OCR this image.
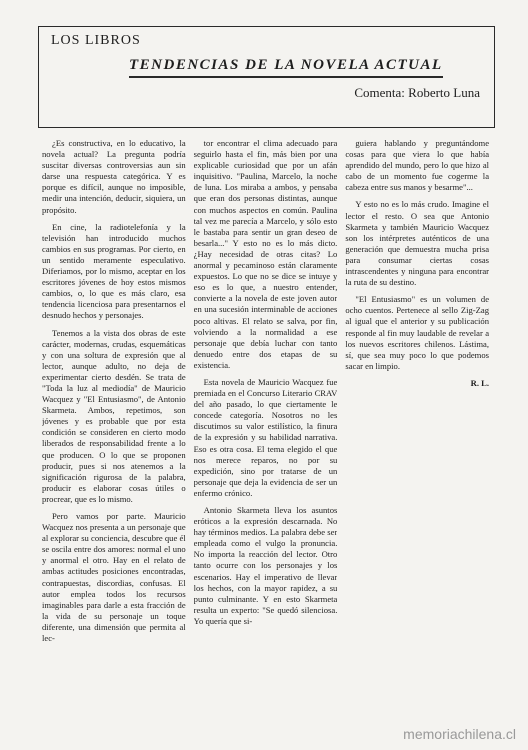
LOS LIBROS
TENDENCIAS DE LA NOVELA ACTUAL
Comenta: Roberto Luna

¿Es constructiva, en lo educativo, la novela actual? La pregunta podría suscitar diversas controversias aun sin darse una respuesta categórica. Y es porque es difícil, aunque no imposible, medir una intención, deducir, siquiera, un propósito.

En cine, la radiotelefonía y la televisión han introducido muchos cambios en sus programas. Por cierto, en un sentido meramente especulativo. Diferiamos, por lo mismo, aceptar en los escritores jóvenes de hoy estos mismos cambios, o, lo que es más claro, esa tendencia licenciosa para presentarnos el desnudo hechos y personajes.

Tenemos a la vista dos obras de este carácter, modernas, crudas, esquemáticas y con una soltura de expresión que al lector, aunque adulto, no deja de experimentar cierto desdén. Se trata de "Toda la luz al mediodía" de Mauricio Wacquez y "El Entusiasmo", de Antonio Skarmeta. Ambos, repetimos, son jóvenes y es probable que por esta condición se consideren en cierto modo liberados de responsabilidad frente a lo que producen. O lo que se proponen producir, pues si nos atenemos a la significación rigurosa de la palabra, producir es elaborar cosas útiles o procrear, que es lo mismo.

Pero vamos por parte. Mauricio Wacquez nos presenta a un personaje que al explorar su conciencia, descubre que él se oscila entre dos amores: normal el uno y anormal el otro. Hay en el relato de ambas actitudes posiciones encontradas, contrapuestas, discordias, confusas. El autor emplea todos los recursos imaginables para darle a esta fracción de la vida de su personaje un toque diferente, una dimensión que permita al lec-

tor encontrar el clima adecuado para seguirlo hasta el fin, más bien por una explicable curiosidad que por un afán inquisitivo. "Paulina, Marcelo, la noche de luna. Los miraba a ambos, y pensaba que eran dos personas distintas, aunque con muchos aspectos en común. Paulina tal vez me parecía a Marcelo, y sólo esto le bastaba para sentir un gran deseo de besarla..." Y esto no es lo más dicto. ¿Hay necesidad de otras citas? Lo anormal y pecaminoso están claramente expuestos. Lo que no se dice se intuye y eso es lo que, a nuestro entender, convierte a la novela de este joven autor en una sucesión interminable de acciones poco altivas. El relato se salva, por fin, volviendo a la normalidad a ese personaje que debía luchar con tanto denuedo entre dos etapas de su existencia.

Esta novela de Mauricio Wacquez fue premiada en el Concurso Literario CRAV del año pasado, lo que ciertamente le concede categoría. Nosotros no les discutimos su valor estilístico, la finura de la expresión y su habilidad narrativa. Eso es otra cosa. El tema elegido el que nos merece reparos, no por su expedición, sino por tratarse de un personaje que deja la evidencia de ser un enfermo crónico.

Antonio Skarmeta lleva los asuntos eróticos a la expresión descarnada. No hay términos medios. La palabra debe ser empleada como el vulgo la pronuncia. No importa la reacción del lector. Otro tanto ocurre con los personajes y los escenarios. Hay el imperativo de llevar los hechos, con la mayor rapidez, a su punto culminante. Y en esto Skarmeta resulta un experto: "Se quedó silenciosa. Yo quería que si-

guiera hablando y preguntándome cosas para que viera lo que había aprendido del mundo, pero lo que hizo al cabo de un momento fue cogerme la cabeza entre sus manos y besarme"...

Y esto no es lo más crudo. Imagine el lector el resto. O sea que Antonio Skarmeta y también Mauricio Wacquez son los intérpretes auténticos de una generación que demuestra mucha prisa para consumar ciertas cosas intrascendentes y ninguna para encontrar la ruta de su destino.

"El Entusiasmo" es un volumen de ocho cuentos. Pertenece al sello Zig-Zag al igual que el anterior y su publicación responde al fin muy laudable de revelar a los nuevos escritores chilenos. Lástima, sí, que sea muy poco lo que podemos sacar en limpio.

R. L.

memoriachilena.cl
